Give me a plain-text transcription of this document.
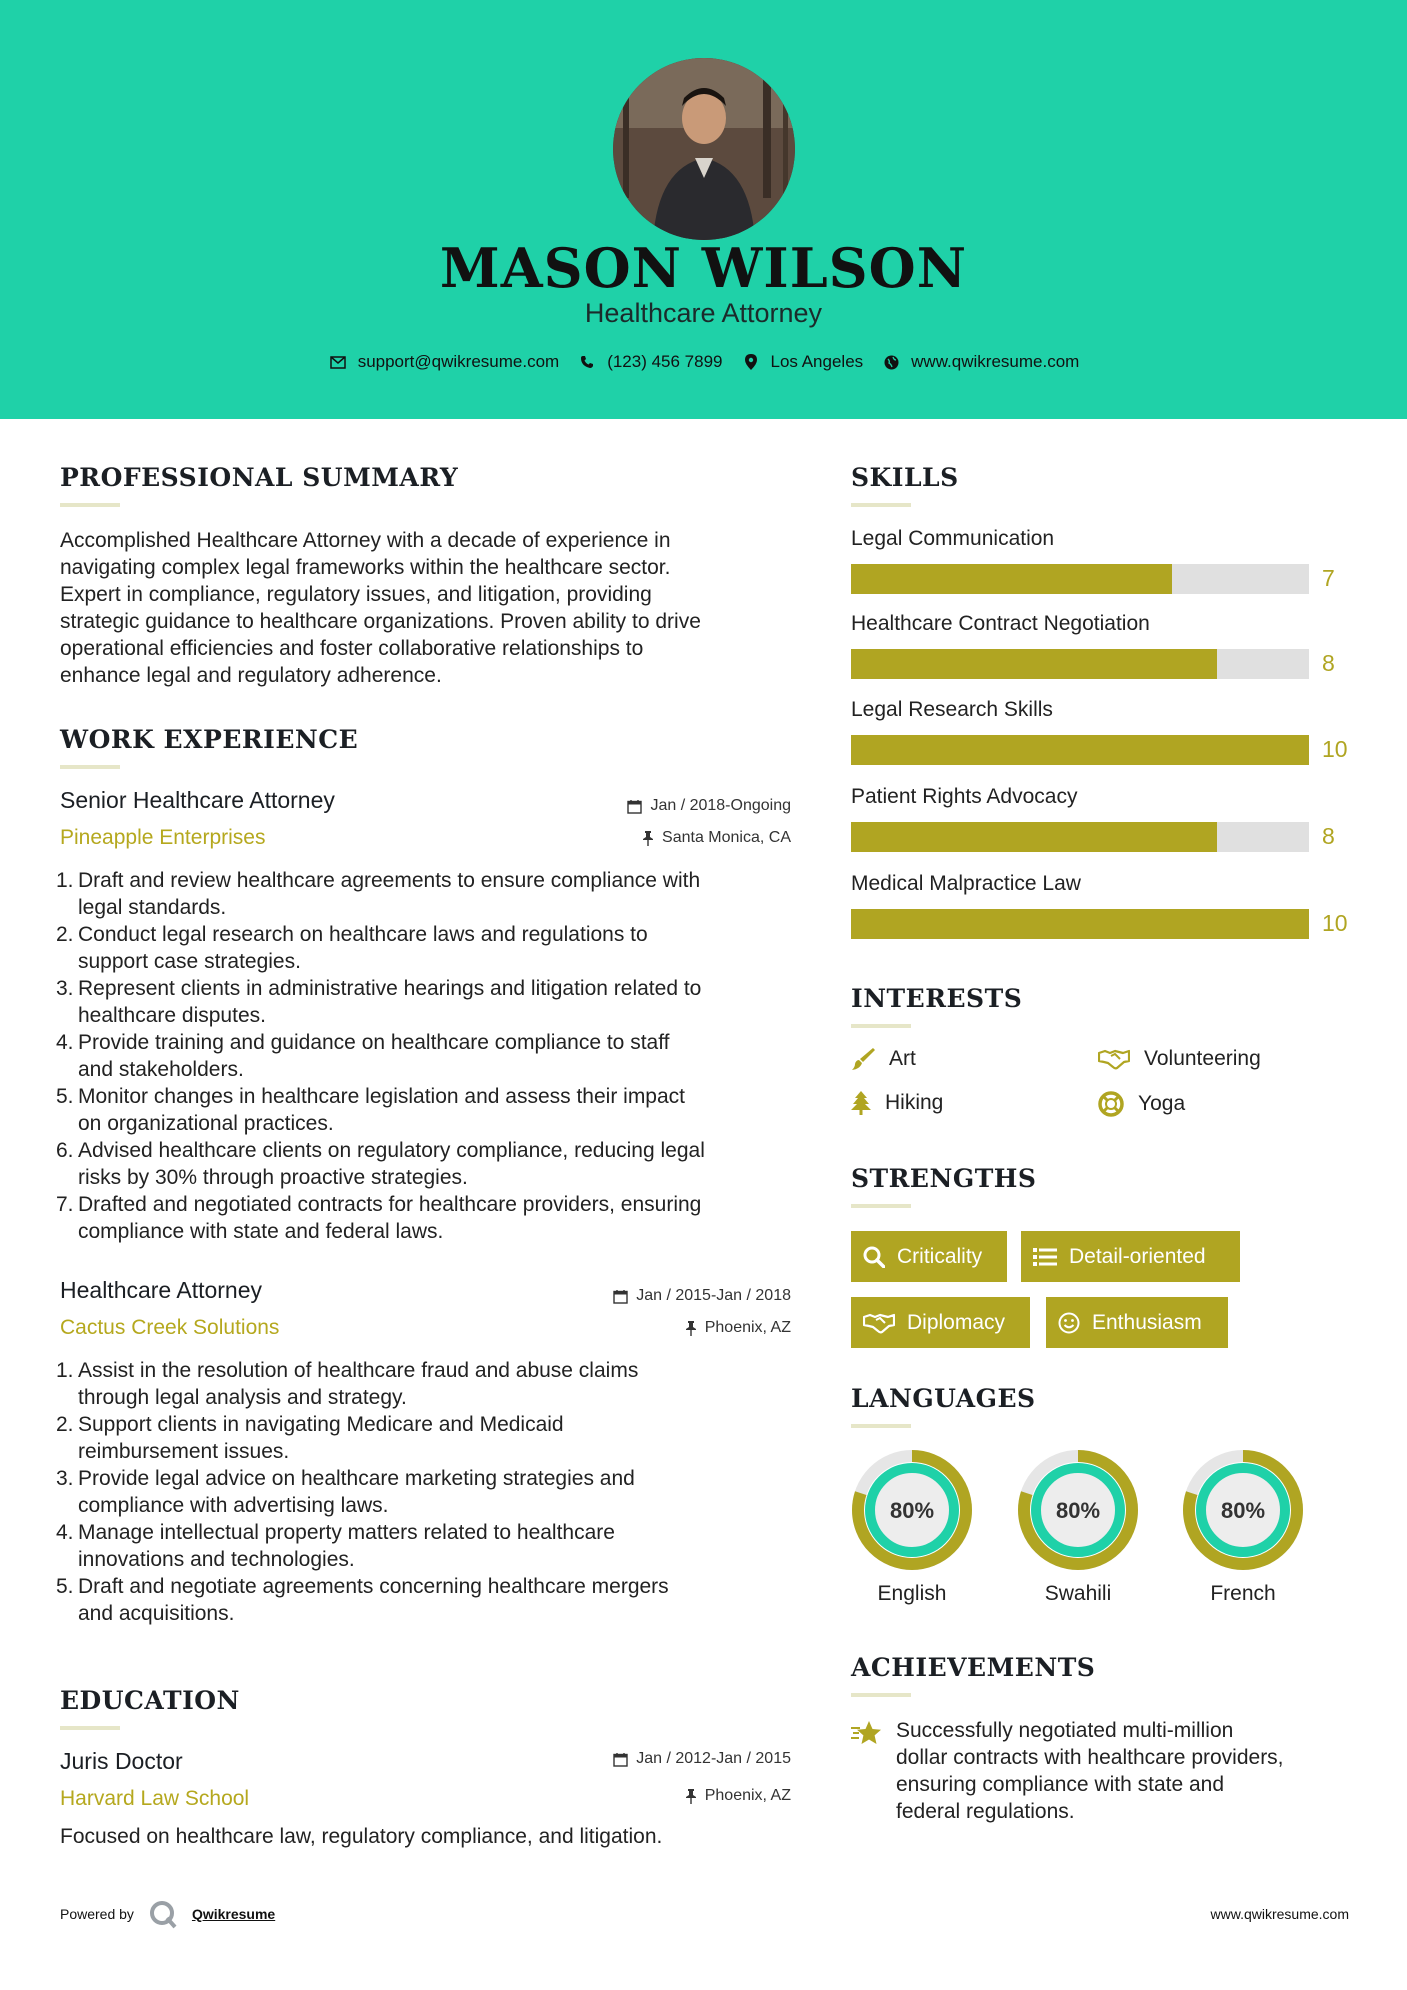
MASON WILSON
Healthcare Attorney
support@qwikresume.com	(123) 456 7899	Los Angeles	www.qwikresume.com
PROFESSIONAL SUMMARY
Accomplished Healthcare Attorney with a decade of experience in
navigating complex legal frameworks within the healthcare sector.
Expert in compliance, regulatory issues, and litigation, providing
strategic guidance to healthcare organizations. Proven ability to drive
operational efficiencies and foster collaborative relationships to
enhance legal and regulatory adherence.
WORK EXPERIENCE
Senior Healthcare Attorney
Pineapple Enterprises
Jan / 2018-Ongoing
Santa Monica, CA
1. Draft and review healthcare agreements to ensure compliance with
legal standards.
2. Conduct legal research on healthcare laws and regulations to
support case strategies.
3. Represent clients in administrative hearings and litigation related to
healthcare disputes.
4. Provide training and guidance on healthcare compliance to staff
and stakeholders.
5. Monitor changes in healthcare legislation and assess their impact
on organizational practices.
6. Advised healthcare clients on regulatory compliance, reducing legal
risks by 30% through proactive strategies.
7. Drafted and negotiated contracts for healthcare providers, ensuring
compliance with state and federal laws.
Healthcare Attorney
Cactus Creek Solutions
Jan / 2015-Jan / 2018
Phoenix, AZ
1. Assist in the resolution of healthcare fraud and abuse claims
through legal analysis and strategy.
2. Support clients in navigating Medicare and Medicaid
reimbursement issues.
3. Provide legal advice on healthcare marketing strategies and
compliance with advertising laws.
4. Manage intellectual property matters related to healthcare
innovations and technologies.
5. Draft and negotiate agreements concerning healthcare mergers
and acquisitions.
EDUCATION
Juris Doctor
Harvard Law School
Jan / 2012-Jan / 2015
Phoenix, AZ
Focused on healthcare law, regulatory compliance, and litigation.
SKILLS
Legal Communication
7
Healthcare Contract Negotiation
8
Legal Research Skills
10
Patient Rights Advocacy
8
Medical Malpractice Law
10
INTERESTS
Art	Volunteering
Hiking	Yoga
STRENGTHS
Criticality	Detail-oriented
Diplomacy	Enthusiasm
LANGUAGES
80%
English
80%
Swahili
80%
French
ACHIEVEMENTS
Successfully negotiated multi-million
dollar contracts with healthcare providers,
ensuring compliance with state and
federal regulations.
Powered by	Qwikresume	www.qwikresume.com
